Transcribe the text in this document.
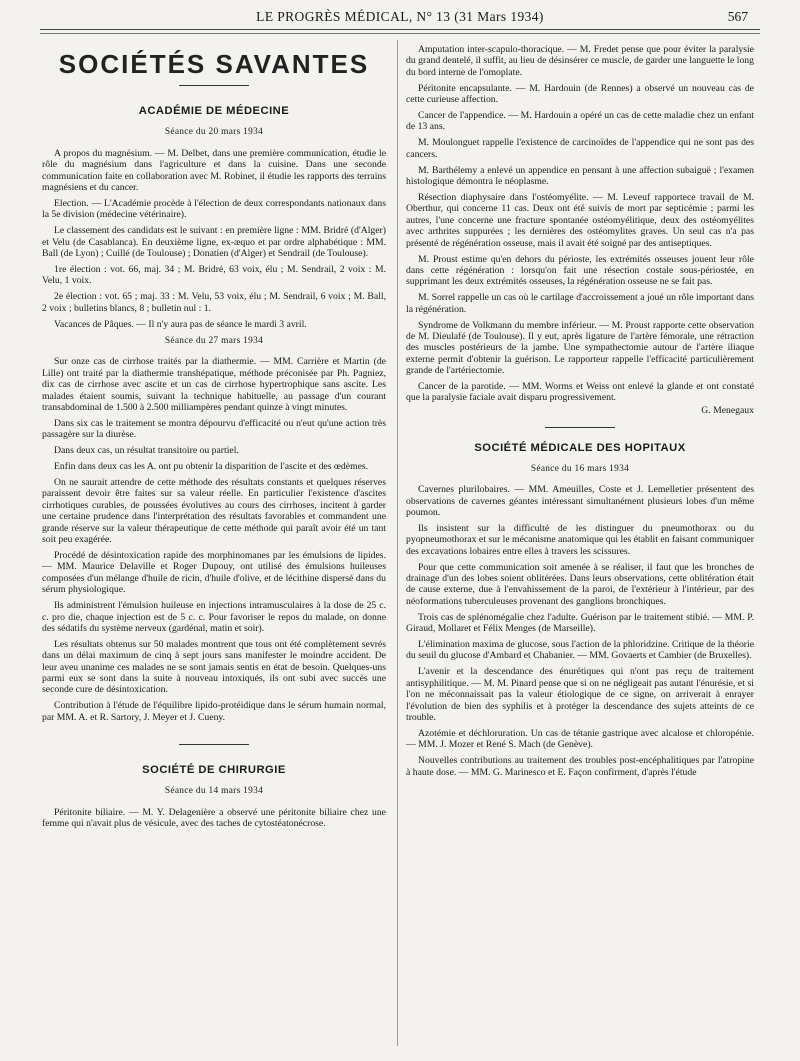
LE PROGRÈS MÉDICAL, N° 13 (31 Mars 1934)	567
SOCIÉTÉS SAVANTES
ACADÉMIE DE MÉDECINE
Séance du 20 mars 1934

A propos du magnésium. — M. Delbet, dans une première communication, étudie le rôle du magnésium dans l'agriculture et dans la cuisine. Dans une seconde communication faite en collaboration avec M. Robinet, il étudie les rapports des terrains magnésiens et du cancer.

Election. — L'Académie procède à l'élection de deux correspondants nationaux dans la 5e division (médecine vétérinaire).

Le classement des candidats est le suivant : en première ligne : MM. Bridré (d'Alger) et Velu (de Casablanca). En deuxième ligne, ex-æquo et par ordre alphabétique : MM. Ball (de Lyon) ; Cuillé (de Toulouse) ; Donatien (d'Alger) et Sendrail (de Toulouse).

1re élection : vot. 66, maj. 34 ; M. Bridré, 63 voix, élu ; M. Sendrail, 2 voix : M. Velu, 1 voix.

2e élection : vot. 65 ; maj. 33 : M. Velu, 53 voix, élu ; M. Sendrail, 6 voix ; M. Ball, 2 voix ; bulletins blancs, 8 ; bulletin nul : 1.

Vacances de Pâques. — Il n'y aura pas de séance le mardi 3 avril.

Séance du 27 mars 1934

Sur onze cas de cirrhose traités par la diathermie. — MM. Carrière et Martin (de Lille) ont traité par la diathermie transhépatique, méthode préconisée par Ph. Pagniez, dix cas de cirrhose avec ascite et un cas de cirrhose hypertrophique sans ascite. Les malades étaient soumis, suivant la technique habituelle, au passage d'un courant transabdominal de 1.500 à 2.500 milliampères pendant quinze à vingt minutes.

Dans six cas le traitement se montra dépourvu d'efficacité ou n'eut qu'une action très passagère sur la diurèse.

Dans deux cas, un résultat transitoire ou partiel.

Enfin dans deux cas les A. ont pu obtenir la disparition de l'ascite et des œdèmes.

On ne saurait attendre de cette méthode des résultats constants et quelques réserves paraissent devoir être faites sur sa valeur réelle. En particulier l'existence d'ascites cirrhotiques curables, de poussées évolutives au cours des cirrhoses, incitent à garder une certaine prudence dans l'interprétation des résultats favorables et commandent une grande réserve sur la valeur thérapeutique de cette méthode qui paraît avoir été un tant soit peu exagérée.

Procédé de désintoxication rapide des morphinomanes par les émulsions de lipides. — MM. Maurice Delaville et Roger Dupouy, ont utilisé des émulsions huileuses composées d'un mélange d'huile de ricin, d'huile d'olive, et de lécithine dispersé dans du sérum physiologique.

Ils administrent l'émulsion huileuse en injections intramusculaires à la dose de 25 c. c. pro die, chaque injection est de 5 c. c. Pour favoriser le repos du malade, on donne des sédatifs du système nerveux (gardénal, matin et soir).

Les résultats obtenus sur 50 malades montrent que tous ont été complètement sevrés dans un délai maximum de cinq à sept jours sans manifester le moindre accident. De leur aveu unanime ces malades ne se sont jamais sentis en état de besoin. Quelques-uns parmi eux se sont dans la suite à nouveau intoxiqués, ils ont subi avec succès une seconde cure de désintoxication.

Contribution à l'étude de l'équilibre lipido-protéidique dans le sérum humain normal, par MM. A. et R. Sartory, J. Meyer et J. Cueny.

SOCIÉTÉ DE CHIRURGIE
Séance du 14 mars 1934

Péritonite biliaire. — M. Y. Delagenière a observé une péritonite biliaire chez une femme qui n'avait plus de vésicule, avec des taches de cytostéatonécrose.

Amputation inter-scapulo-thoracique. — M. Fredet pense que pour éviter la paralysie du grand dentelé, il suffit, au lieu de désinsérer ce muscle, de garder une languette le long du bord interne de l'omoplate.

Péritonite encapsulante. — M. Hardouin (de Rennes) a observé un nouveau cas de cette curieuse affection.

Cancer de l'appendice. — M. Hardouin a opéré un cas de cette maladie chez un enfant de 13 ans.

M. Moulonguet rappelle l'existence de carcinoïdes de l'appendice qui ne sont pas des cancers.

M. Barthélemy a enlevé un appendice en pensant à une affection subaiguë ; l'examen histologique démontra le néoplasme.

Résection diaphysaire dans l'ostéomyélite. — M. Leveuf rapportece travail de M. Oberthur, qui concerne 11 cas. Deux ont été suivis de mort par septicémie ; parmi les autres, l'une concerne une fracture spontanée ostéomyélitique, deux des ostéomyélites avec arthrites suppurées ; les dernières des ostéomylites graves. Un seul cas n'a pas présenté de régénération osseuse, mais il avait été soigné par des antiseptiques.

M. Proust estime qu'en dehors du périoste, les extrémités osseuses jouent leur rôle dans cette régénération : lorsqu'on fait une résection costale sous-périostée, en supprimant les deux extrémités osseuses, la régénération osseuse ne se fait pas.

M. Sorrel rappelle un cas où le cartilage d'accroissement a joué un rôle important dans la régénération.

Syndrome de Volkmann du membre inférieur. — M. Proust rapporte cette observation de M. Dieulafé (de Toulouse). Il y eut, après ligature de l'artère fémorale, une rétraction des muscles postérieurs de la jambe. Une sympathectomie autour de l'artère iliaque externe permit d'obtenir la guérison. Le rapporteur rappelle l'efficacité particulièrement grande de l'artériectomie.

Cancer de la parotide. — MM. Worms et Weiss ont enlevé la glande et ont constaté que la paralysie faciale avait disparu progressivement.

G. Menegaux

SOCIÉTÉ MÉDICALE DES HOPITAUX
Séance du 16 mars 1934

Cavernes plurilobaires. — MM. Ameuilles, Coste et J. Lemelletier présentent des observations de cavernes géantes intéressant simultanément plusieurs lobes d'un même poumon.

Ils insistent sur la difficulté de les distinguer du pneumothorax ou du pyopneumothorax et sur le mécanisme anatomique qui les établit en faisant communiquer des excavations lobaires entre elles à travers les scissures.

Pour que cette communication soit amenée à se réaliser, il faut que les bronches de drainage d'un des lobes soient oblitérées. Dans leurs observations, cette oblitération était de cause externe, due à l'envahissement de la paroi, de l'extérieur à l'intérieur, par des néoformations tuberculeuses provenant des ganglions bronchiques.

Trois cas de splénomégalie chez l'adulte. Guérison par le traitement stibié. — MM. P. Giraud, Mollaret et Félix Menges (de Marseille).

L'élimination maxima de glucose, sous l'action de la phloridzine. Critique de la théorie du seuil du glucose d'Ambard et Chabanier. — MM. Govaerts et Cambier (de Bruxelles).

L'avenir et la descendance des énurétiques qui n'ont pas reçu de traitement antisyphilitique. — M. M. Pinard pense que si on ne négligeait pas autant l'énurésie, et si l'on ne méconnaissait pas la valeur étiologique de ce signe, on arriverait à enrayer l'évolution de bien des syphilis et à protéger la descendance des sujets atteints de ce trouble.

Azotémie et déchloruration. Un cas de tétanie gastrique avec alcalose et chloropénie. — MM. J. Mozer et René S. Mach (de Genève).

Nouvelles contributions au traitement des troubles post-encéphalitiques par l'atropine à haute dose. — MM. G. Marinesco et E. Façon confirment, d'après l'étude
